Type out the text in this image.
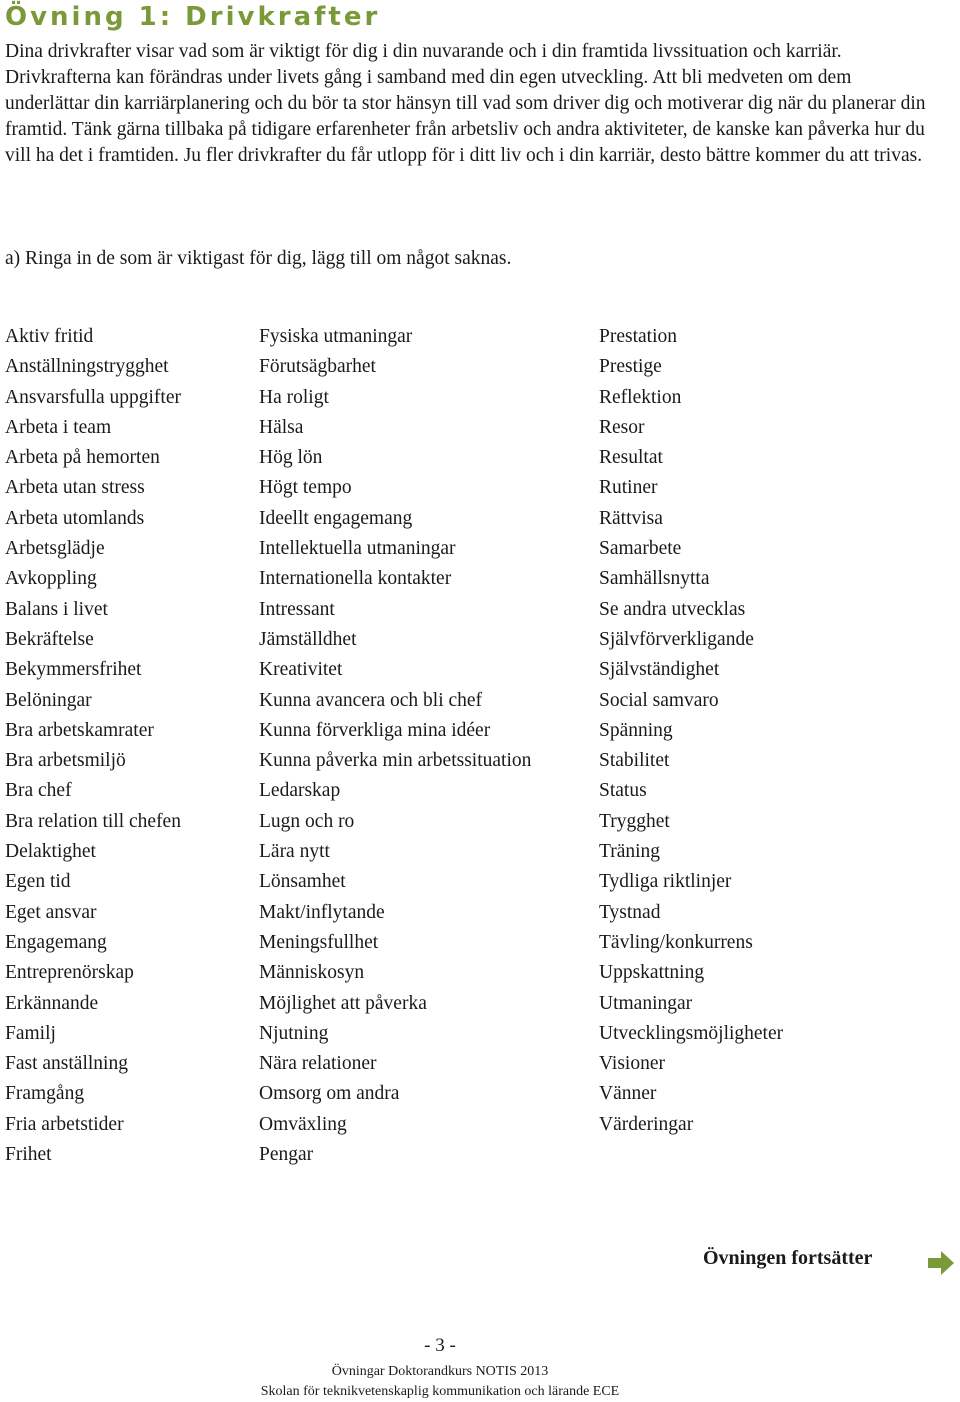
Övning 1: Drivkrafter

Dina drivkrafter visar vad som är viktigt för dig i din nuvarande och i din framtida livssituation och karriär. Drivkrafterna kan förändras under livets gång i samband med din egen utveckling. Att bli medveten om dem underlättar din karriärplanering och du bör ta stor hänsyn till vad som driver dig och motiverar dig när du planerar din framtid. Tänk gärna tillbaka på tidigare erfarenheter från arbetsliv och andra aktiviteter, de kanske kan påverka hur du vill ha det i framtiden. Ju fler drivkrafter du får utlopp för i ditt liv och i din karriär, desto bättre kommer du att trivas.

a) Ringa in de som är viktigast för dig, lägg till om något saknas.
Aktiv fritid
Anställningstrygghet
Ansvarsfulla uppgifter
Arbeta i team
Arbeta på hemorten
Arbeta utan stress
Arbeta utomlands
Arbetsglädje
Avkoppling
Balans i livet
Bekräftelse
Bekymmersfrihet
Belöningar
Bra arbetskamrater
Bra arbetsmiljö
Bra chef
Bra relation till chefen
Delaktighet
Egen tid
Eget ansvar
Engagemang
Entreprenörskap
Erkännande
Familj
Fast anställning
Framgång
Fria arbetstider
Frihet
Fysiska utmaningar
Förutsägbarhet
Ha roligt
Hälsa
Hög lön
Högt tempo
Ideellt engagemang
Intellektuella utmaningar
Internationella kontakter
Intressant
Jämställdhet
Kreativitet
Kunna avancera och bli chef
Kunna förverkliga mina idéer
Kunna påverka min arbetssituation
Ledarskap
Lugn och ro
Lära nytt
Lönsamhet
Makt/inflytande
Meningsfullhet
Människosyn
Möjlighet att påverka
Njutning
Nära relationer
Omsorg om andra
Omväxling
Pengar
Prestation
Prestige
Reflektion
Resor
Resultat
Rutiner
Rättvisa
Samarbete
Samhällsnytta
Se andra utvecklas
Självförverkligande
Självständighet
Social samvaro
Spänning
Stabilitet
Status
Trygghet
Träning
Tydliga riktlinjer
Tystnad
Tävling/konkurrens
Uppskattning
Utmaningar
Utvecklingsmöjligheter
Visioner
Vänner
Värderingar
Övningen fortsätter
- 3 -
Övningar Doktorandkurs NOTIS 2013
Skolan för teknikvetenskaplig kommunikation och lärande ECE
